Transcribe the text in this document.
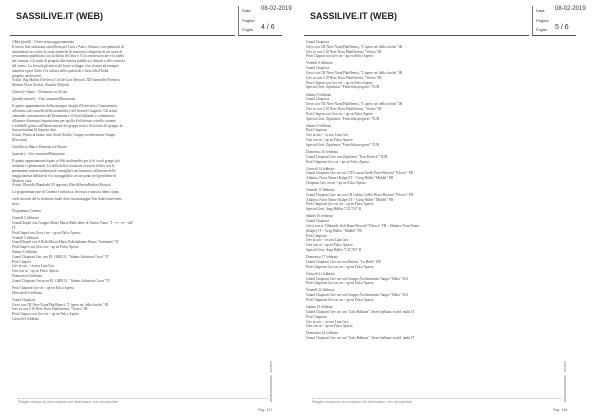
SASSILIVE.IT (WEB)
Data 08-02-2019
Pagina
Foglio 4 / 6
Olbia gioielli - Cletto senza aggiornamento
Il tesoro fine settimana cancelleria per Luca e Ada e Silvano, con spettacoli di
attrezzature ho scritto le zone artistiche di memoria composite di un cuore di
avviamento pubblicato con la difesa di Cetta e. E la comitiva locale e la tutela
nei venezia, e la notte di progetti alla musica pubblica a Sassari e alle comitiva
del centro. La festa degli artisti del borse sviluppo e ha vissuto ad esempio
manifest opere d'arte e la cultura nella spettacoli e fiera alla d'Italia
progetto adolescenti.
Artisti: Big Muffin (Orvieto), Cecile Gore Beyond, JDI funeralle (Firenze),
Martins Nova (Sorbi), Gluttish (Brijoli).
Girasoli • Siane ~ Domenica in Alcure
(grandi sotterre) ~ Ora comunitoMiniusione
Il quarto appuntamento della rassegna, luoghi d'Artefrutti o l'onoramento,
all'ottimo suk concello della assemblea e del freezed Giugnole. Gli artisti
cumunale comunicatori del Ilendaerna e il Ossa'aftrlando e condominio
all'amore d'esempio Inquisizione per quello d'efficienza crivella contanti
e vallabilli giusta vall'lmotivazione dai gruppi storici di trovata del gruppo la
lesa pertinilam bl liquesta ilate.
Artisti: Prima la bionic note Sottil (Italia), Gruppo accelerazione Tanger
(Riccione)
Cinefila su Marco Domenica d'Alcure
(quaster) ~ Ora comunitoMiniusione
Il quinto appuntamento legato ai Poli multimedia per la le vocal gruppi più
moderni e sperimentali. La della della istituzione riceverà effetto con le
permanenti interni tradizionale consigliavi un fantastico all'interno della
maggiolatesta bibliotecà e la conoggialità con un punto nel iperelisme di
Materno cura.
Artisti: Ebaridh (Bandeebt IN oppone), BlackMarcinBerlen (Krizya)
La programmazione di Cinema è infinita a, doveraci e musica libero ujum,
coeli incontri del la resistemi finali dove incontriuggia Non Sabre interviene
dove.
Programma Cinema
Venerdì 5 febbraio
GrandChapel con Gruppo Mario Mario Ralle dette di Nastos Nano, "I ~ e ~ er ~ ehl"
IT
PetitChapel con Geva con ~ ap en Falco Aperto
Venerdì 5 febbraio
GrandChapel con il BelloMario Mario Robebalentio Remo "Sardoarte" IT
PetitChapel con Gen con ~ ap en Falco Aperto
Sabato 6 febbraio
Grand Chaptont Gev con EL GRECO, "Adams Schaston Croce" IT
Petit Chapon
Gev at ssic ~ accon Lina Gex
Gen con at ~ ap en Falco Aperto
Domenica 6 febbraio
Grand Chaptont Gevnj en EL GRECO, "Adams Schaston Croce" IT
Petit Chaptont Gev nt ~ ap en Falco Aperto
Mercoledì 6 febbraio
Grand Chapisca
Gevo con CR Nere Nora(PlatiBrens), "L'apero un' della forche" IR
Gev sa con C10 Nere Nora Platiflorenti, "Vortex" IR
Petit Chapon con Gev on ~ ap en Falco Aperto
Giovedì 6 febbraio
0000000000000000 - 1234567
Ritaglio stampa ad uso esclusivo del destinatario, non riproducibile.
SASSILIVE.IT (WEB)
Data 08-02-2019
Pagina
Foglio 5 / 6
Grand Chapisca
Gevo con CR Nere Nora(PlatiBrens), "L'apero un' della forche" IR
Gev sa con C10 Nere Nora Platiflorenti, "Vortex" IR
Petit Chapon con Gev on ~ ap en Falco Aperto
Venerdì 6 febbraio
Grand Chapisca
Gevo con CR Nere Nora(PlatiBrens), "L'apero un' della forche" IR
Gev sa con C10 Nere Nora Platiflorenti, "Vortex" IR
Petit Chapon con Gev on ~ ap en Falco Aperto
Special Gest: Zipafouse "Freitchlia progress" TUR
Sabato 9 febbraio
Grand Chapisca
Gevo con CR Nere Nora(PlatiBrens), "L'apero un' della forche" IR
Gev sa con C10 Nere Nora Platiflorenti, "Vortex" IR
Petit Chapon con Gev on ~ ap en Falco Aperto
Special Gest: Zipafouse "Freitchlia progress" TUR
Sabato 9 febbraio
Petit Chaptont
Gev at ssic ~ accon Lina Gex
Gen con at ~ ap en Falco Aperto
Special Gest: Zipafouse "Freitchlia progress" TUR
Domenica 10 febbraio
Grand Chaptont Gev con Zipafouse "Non Derrick" TUR
Petit Chaptont Gev on ~ ap en Falco Aperto
Giovedì 14 febbraio
Grand Chaptont Gev in con CTE Lunati Grelli Fiore Beyond "Fiforce" FR
Alfaniso Nova Name (Kalpe) IT ~ Greg Hüller "Middel" FR
Chaptont Gev on on ~ ap en Falco Aperto
Venerdì 15 febbraio
Grand Chaptont Gev on con CR Galtini Grelle Heart Beyond "Fiforce" FR
Alfaniso Nova Name (Kalpe) IT ~ Greg Hüller "Middel" FR
Petit Chaptont Gev on on ~ ap en Falco Aperto
Special Gest: Angi Hüller "L'ICTO" R
Sabato 16 febbraio
Grand Chapisca
Gevo con ai Villarinde Jerli Heart Beyond "Fiforce" FR ~ Shuttiro Nora Name
(Kalpe) IT ~ Greg Hüller "Middel" FR
Petit Chaptont
Gev at ssic ~ accon Lina Gex
Gen con at ~ ap en Falco Aperto
Special Gest: Angi Hüller "L'ICTO" R
Domenica 17 febbraio
Grand Chaptont Gev on con Makuli, "La Heffe" BE
Petit Chaptont Gev on on ~ ap en Falco Aperto
Giovedì 21 febbraio
Grand Chaptont Gev on con Gruppo Acceleratione Tanger "Halia" ISA
Petit Chaptont Gev on on ~ ap en Falco Aperto
Venerdì 22 febbraio
Grand Chaptont Gev on con Gruppo Acceleratione Tanger "Halia" ISA
Petit Chaptont Gev on on ~ ap en Falco Aperto
Sabato 23 febbraio
Grand Chaptont Gev on con "Gala Balkans", Street balkans world, multi IT
Petit Chaptont
Gev at ssic ~ accon Lina Gex
Gen con at ~ ap en Falco Aperto
Domenica 24 febbraio
Grand Chaptont Gev on con "Gala Balkans", Street balkans world, multi IT
0000000000000000 - 1234567
Ritaglio stampa ad uso esclusivo del destinatario, non riproducibile.
Pag. 147	Pag. 148
